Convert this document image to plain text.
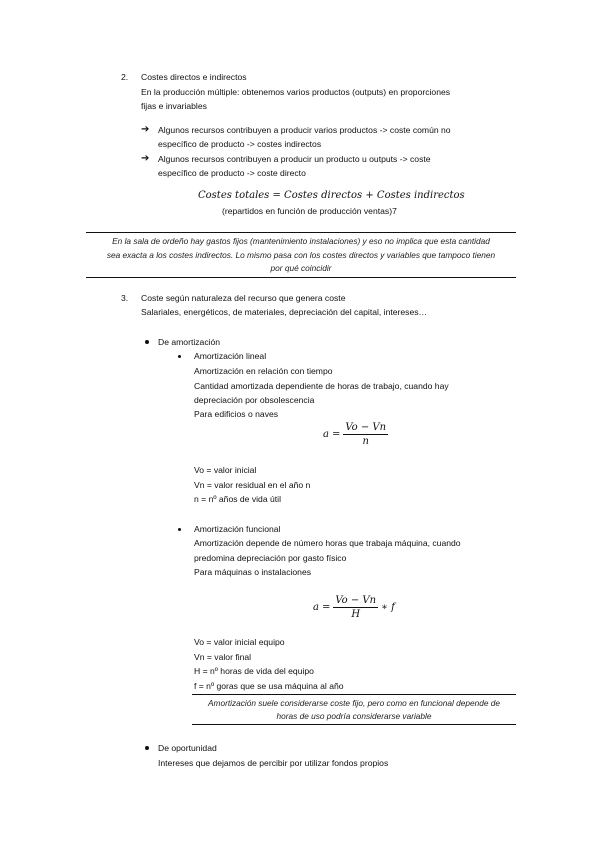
2. Costes directos e indirectos
En la producción múltiple: obtenemos varios productos (outputs) en proporciones
fijas e invariables
➔ Algunos recursos contribuyen a producir varios productos -> coste común no
específico de producto -> costes indirectos
➔ Algunos recursos contribuyen a producir un producto u outputs -> coste
específico de producto -> coste directo
Costes totales = Costes directos + Costes indirectos
(repartidos en función de producción ventas)7
En la sala de ordeño hay gastos fijos (mantenimiento instalaciones) y eso no implica que esta cantidad
sea exacta a los costes indirectos. Lo mismo pasa con los costes directos y variables que tampoco tienen
por qué coincidir
3. Coste según naturaleza del recurso que genera coste
Salariales, energéticos, de materiales, depreciación del capital, intereses…
De amortización
Amortización lineal
Amortización en relación con tiempo
Cantidad amortizada dependiente de horas de trabajo, cuando hay
depreciación por obsolescencia
Para edificios o naves
$a = \frac{Vo - Vn}{n}$
Vo = valor inicial
Vn = valor residual en el año n
n = nº años de vida útil
Amortización funcional
Amortización depende de número horas que trabaja máquina, cuando
predomina depreciación por gasto físico
Para máquinas o instalaciones
$a = \frac{Vo - Vn}{H}$ ∗ f
Vo = valor inicial equipo
Vn = valor final
H = nº horas de vida del equipo
f = nº goras que se usa máquina al año
Amortización suele considerarse coste fijo, pero como en funcional depende de
horas de uso podría considerarse variable
De oportunidad
Intereses que dejamos de percibir por utilizar fondos propios
